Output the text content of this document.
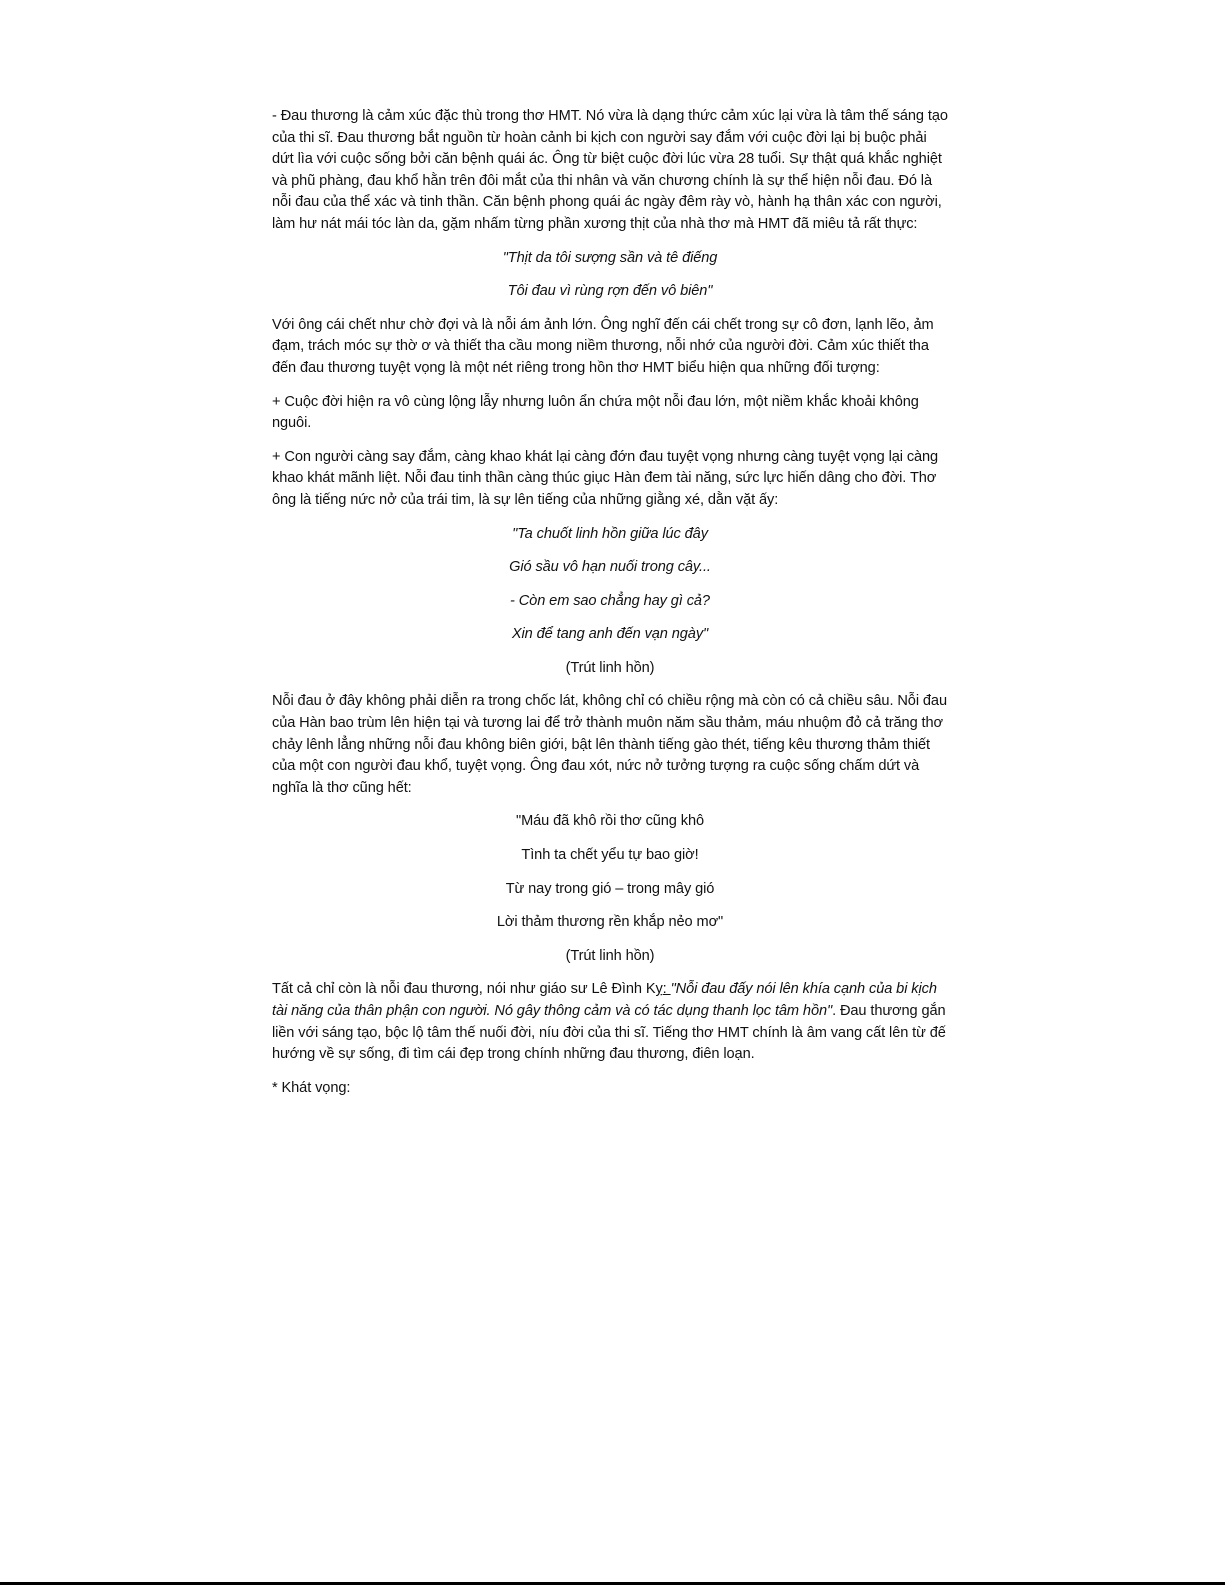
- Đau thương là cảm xúc đặc thù trong thơ HMT. Nó vừa là dạng thức cảm xúc lại vừa là tâm thế sáng tạo của thi sĩ. Đau thương bắt nguồn từ hoàn cảnh bi kịch con người say đắm với cuộc đời lại bị buộc phải dứt lìa với cuộc sống bởi căn bệnh quái ác. Ông từ biệt cuộc đời lúc vừa 28 tuổi. Sự thật quá khắc nghiệt và phũ phàng, đau khổ hằn trên đôi mắt của thi nhân và văn chương chính là sự thể hiện nỗi đau. Đó là nỗi đau của thể xác và tinh thần. Căn bệnh phong quái ác ngày đêm rày vò, hành hạ thân xác con người, làm hư nát mái tóc làn da, gặm nhấm từng phần xương thịt của nhà thơ mà HMT đã miêu tả rất thực:

"Thịt da tôi sượng sần và tê điếng

Tôi đau vì rùng rợn đến vô biên"

Với ông cái chết như chờ đợi và là nỗi ám ảnh lớn. Ông nghĩ đến cái chết trong sự cô đơn, lạnh lẽo, ảm đạm, trách móc sự thờ ơ và thiết tha cầu mong niềm thương, nỗi nhớ của người đời. Cảm xúc thiết tha đến đau thương tuyệt vọng là một nét riêng trong hồn thơ HMT biểu hiện qua những đối tượng:

+ Cuộc đời hiện ra vô cùng lộng lẫy nhưng luôn ẩn chứa một nỗi đau lớn, một niềm khắc khoải không nguôi.

+ Con người càng say đắm, càng khao khát lại càng đớn đau tuyệt vọng nhưng càng tuyệt vọng lại càng khao khát mãnh liệt. Nỗi đau tinh thần càng thúc giục Hàn đem tài năng, sức lực hiến dâng cho đời. Thơ ông là tiếng nức nở của trái tim, là sự lên tiếng của những giằng xé, dằn vặt ấy:

"Ta chuốt linh hồn giữa lúc đây

Gió sầu vô hạn nuối trong cây...

- Còn em sao chẳng hay gì cả?

Xin để tang anh đến vạn ngày"

(Trút linh hồn)

Nỗi đau ở đây không phải diễn ra trong chốc lát, không chỉ có chiều rộng mà còn có cả chiều sâu. Nỗi đau của Hàn bao trùm lên hiện tại và tương lai để trở thành muôn năm sầu thảm, máu nhuộm đỏ cả trăng thơ chảy lênh lẳng những nỗi đau không biên giới, bật lên thành tiếng gào thét, tiếng kêu thương thảm thiết của một con người đau khổ, tuyệt vọng. Ông đau xót, nức nở tưởng tượng ra cuộc sống chấm dứt và nghĩa là thơ cũng hết:

"Máu đã khô rồi thơ cũng khô

Tình ta chết yểu tự bao giờ!

Từ nay trong gió – trong mây gió

Lời thảm thương rền khắp nẻo mơ"

(Trút linh hồn)

Tất cả chỉ còn là nỗi đau thương, nói như giáo sư Lê Đình Kỵ: "Nỗi đau đấy nói lên khía cạnh của bi kịch tài năng của thân phận con người. Nó gây thông cảm và có tác dụng thanh lọc tâm hồn". Đau thương gắn liền với sáng tạo, bộc lộ tâm thế nuối đời, níu đời của thi sĩ. Tiếng thơ HMT chính là âm vang cất lên từ đế hướng về sự sống, đi tìm cái đẹp trong chính những đau thương, điên loạn.

* Khát vọng:
